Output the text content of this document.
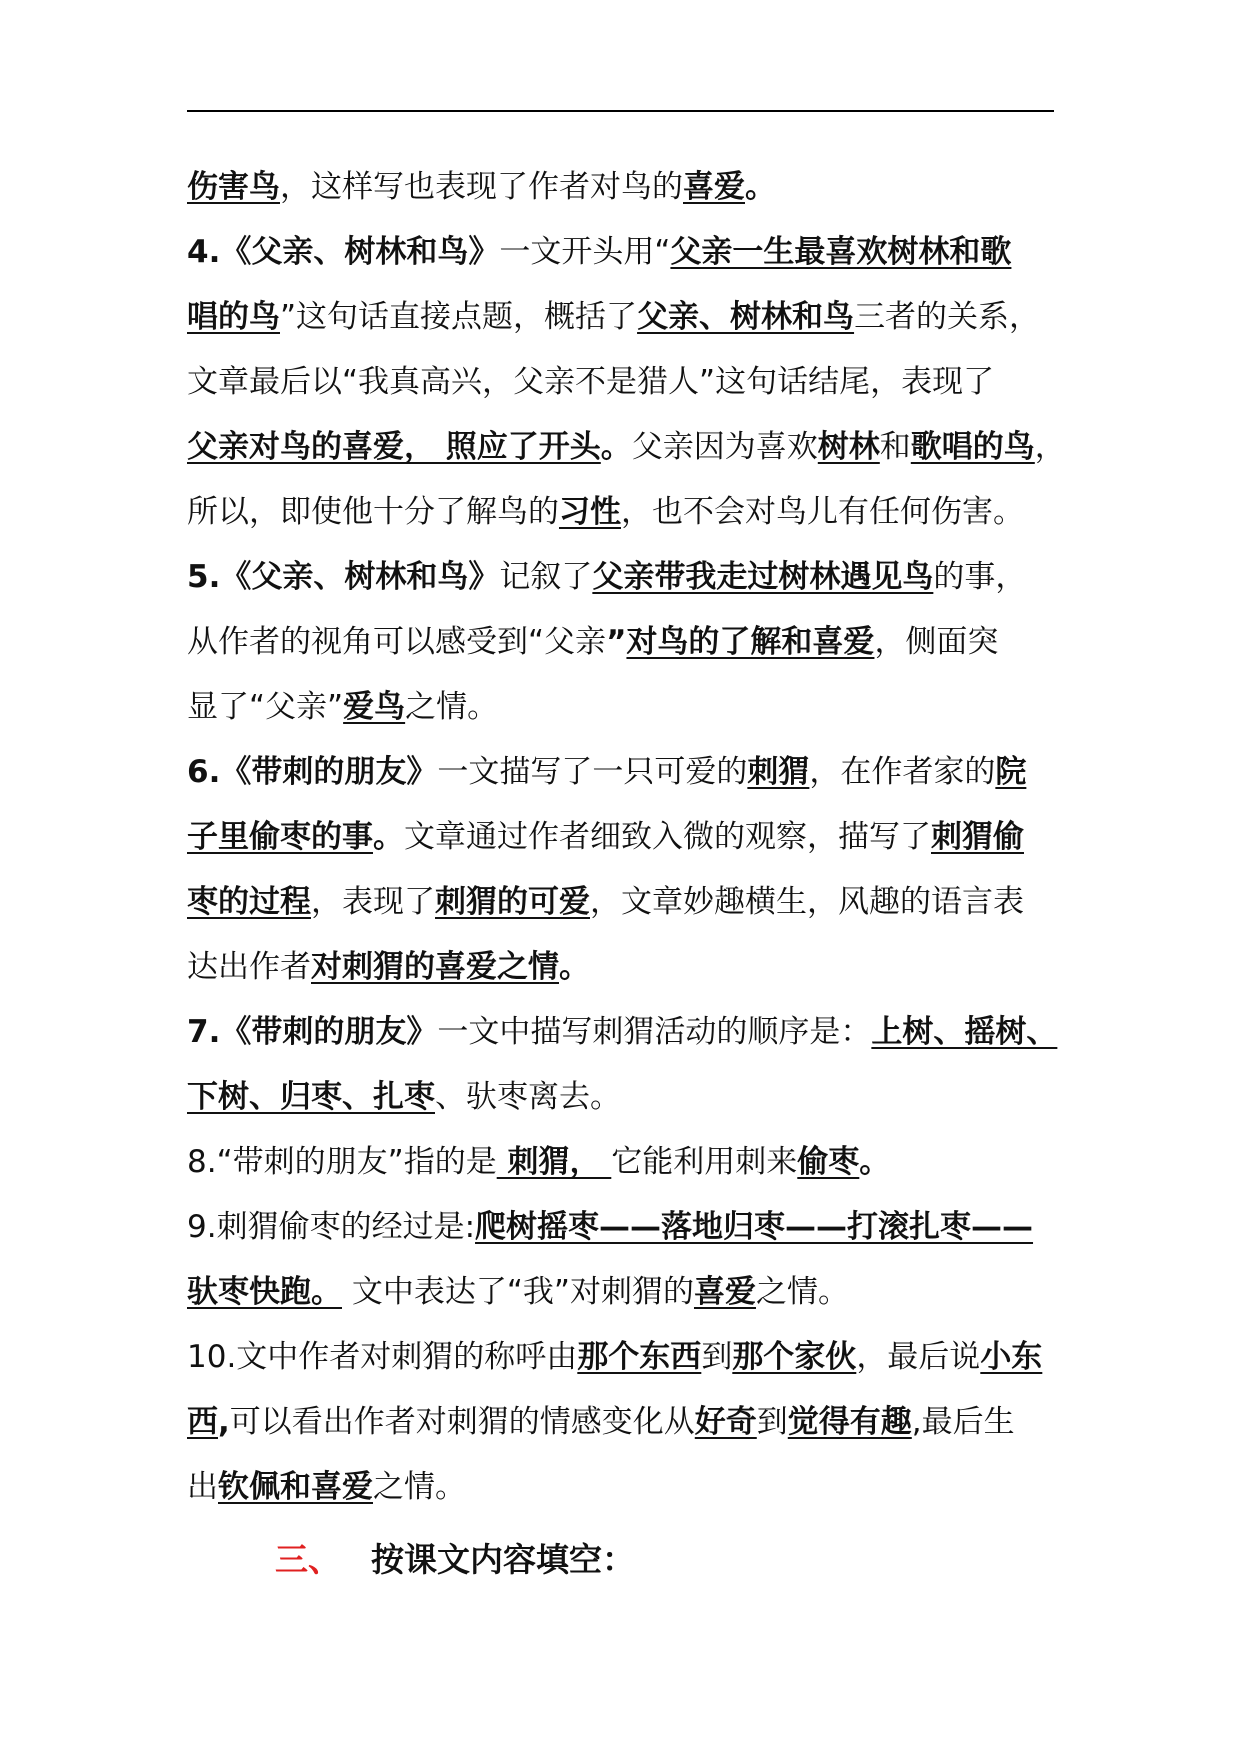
伤害鸟，这样写也表现了作者对鸟的喜爱。
4.《父亲、树林和鸟》一文开头用“父亲一生最喜欢树林和歌
唱的鸟”这句话直接点题，概括了父亲、树林和鸟三者的关系，
文章最后以“我真高兴，父亲不是猎人”这句话结尾，表现了
父亲对鸟的喜爱， 照应了开头。父亲因为喜欢树林和歌唱的鸟，
所以，即使他十分了解鸟的习性，也不会对鸟儿有任何伤害。
5.《父亲、树林和鸟》记叙了父亲带我走过树林遇见鸟的事，
从作者的视角可以感受到“父亲”对鸟的了解和喜爱，侧面突
显了“父亲”爱鸟之情。
6.《带刺的朋友》一文描写了一只可爱的刺猬，在作者家的院
子里偷枣的事。文章通过作者细致入微的观察，描写了刺猬偷
枣的过程，表现了刺猬的可爱，文章妙趣横生，风趣的语言表
达出作者对刺猬的喜爱之情。
7.《带刺的朋友》一文中描写刺猬活动的顺序是：上树、摇树、
下树、归枣、扎枣、驮枣离去。
8.“带刺的朋友”指的是 刺猬， 它能利用刺来偷枣。
9.刺猬偷枣的经过是:爬树摇枣——落地归枣——打滚扎枣——
驮枣快跑。 文中表达了“我”对刺猬的喜爱之情。
10.文中作者对刺猬的称呼由那个东西到那个家伙，最后说小东
西,可以看出作者对刺猬的情感变化从好奇到觉得有趣,最后生
出钦佩和喜爱之情。
三、 按课文内容填空：
